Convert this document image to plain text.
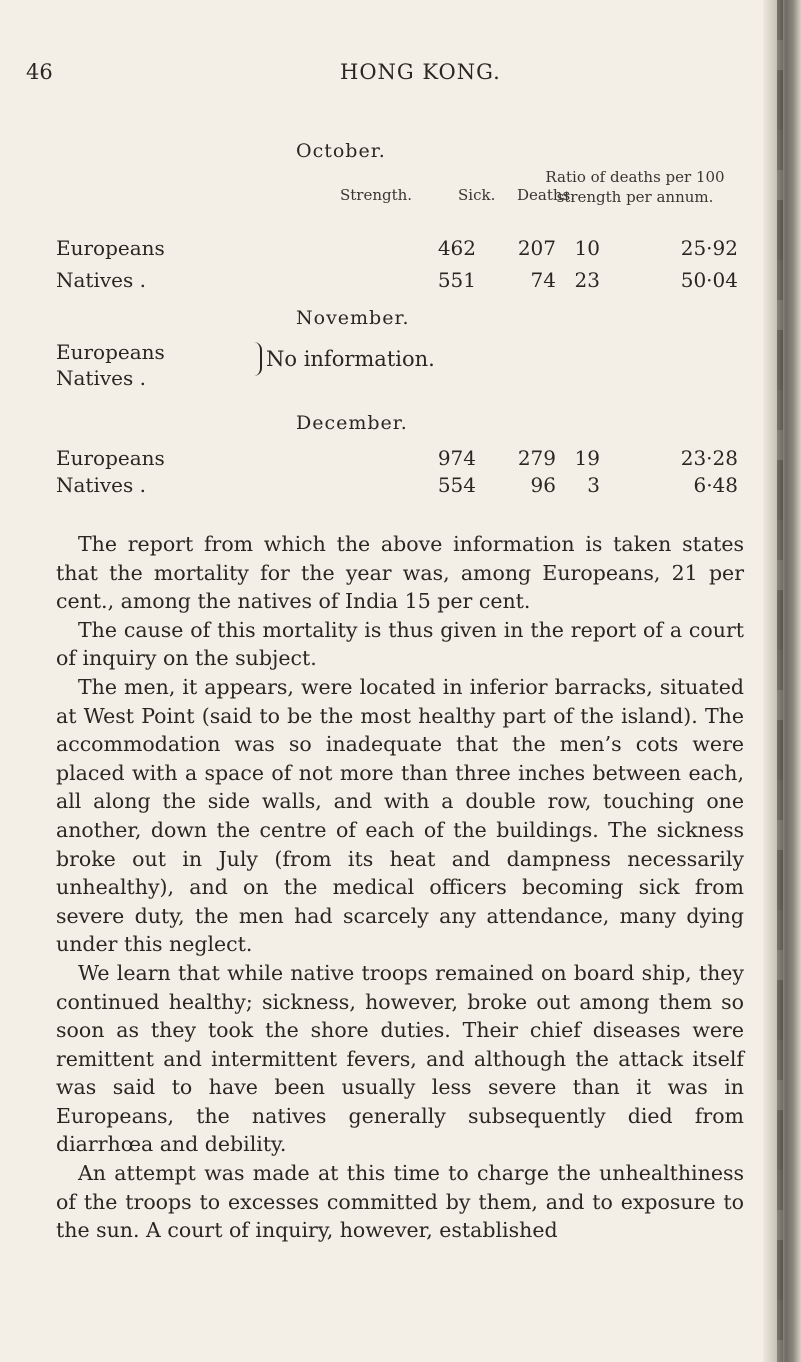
46	HONG KONG.
October.
Strength.	Sick. Deaths.
Ratio of deaths per 100 strength per annum.
Europeans	462	207 10	25·92
Natives .	551	74 23	50·04
November.
Europeans
Natives .
No information.
December.
Europeans	974	279 19	23·28
Natives .	554	96	3	6·48

The report from which the above information is taken states that the mortality for the year was, among Europeans, 21 per cent., among the natives of India 15 per cent.

The cause of this mortality is thus given in the report of a court of inquiry on the subject.

The men, it appears, were located in inferior barracks, situated at West Point (said to be the most healthy part of the island). The accommodation was so inadequate that the men’s cots were placed with a space of not more than three inches between each, all along the side walls, and with a double row, touching one another, down the centre of each of the buildings. The sickness broke out in July (from its heat and dampness necessarily unhealthy), and on the medical officers becoming sick from severe duty, the men had scarcely any attendance, many dying under this neglect.

We learn that while native troops remained on board ship, they continued healthy; sickness, however, broke out among them so soon as they took the shore duties. Their chief diseases were remittent and intermittent fevers, and although the attack itself was said to have been usually less severe than it was in Europeans, the natives generally subsequently died from diarrhœa and debility.

An attempt was made at this time to charge the unhealthiness of the troops to excesses committed by them, and to exposure to the sun. A court of inquiry, however, established
